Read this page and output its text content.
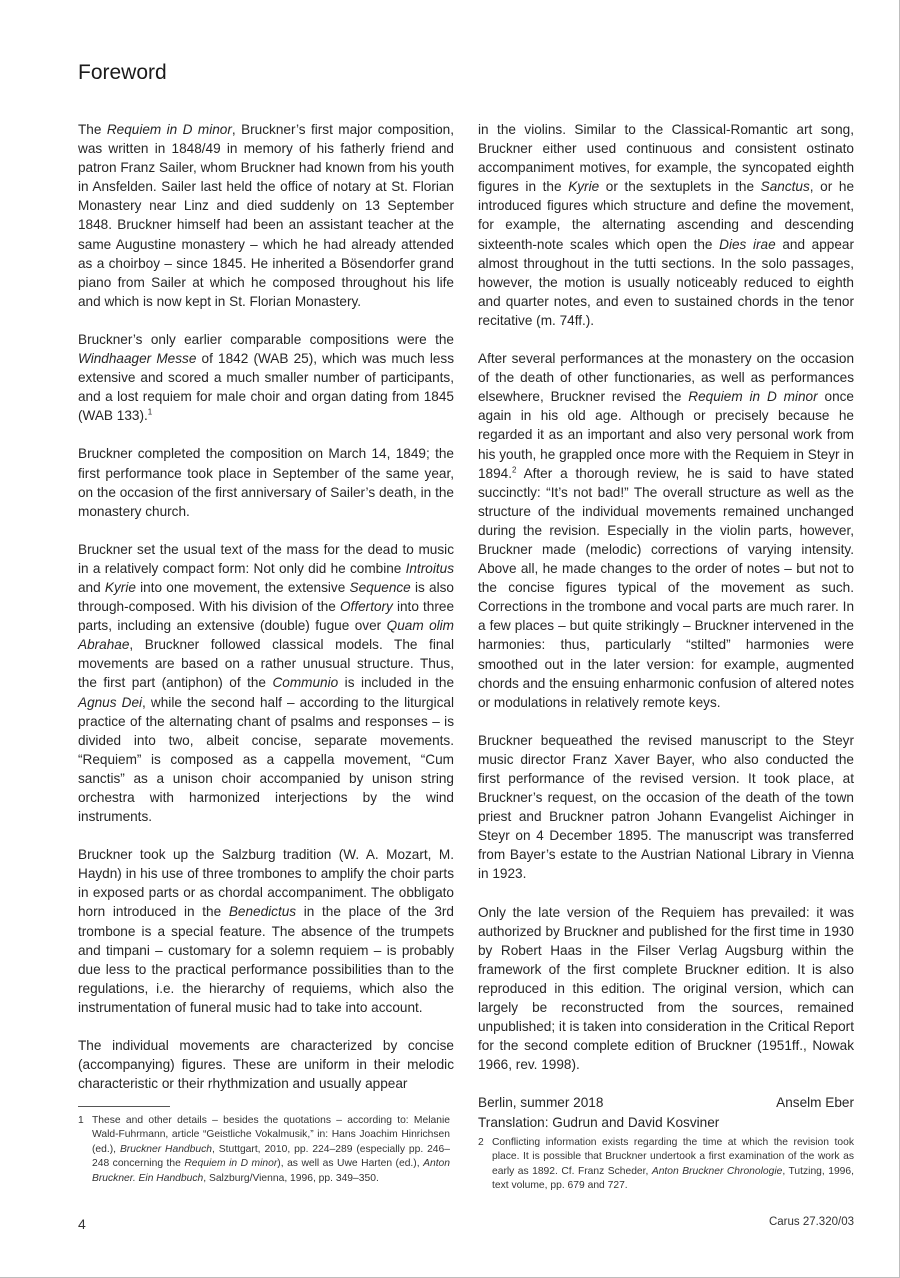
Foreword

The Requiem in D minor, Bruckner’s first major composition, was written in 1848/49 in memory of his fatherly friend and patron Franz Sailer, whom Bruckner had known from his youth in Ansfelden. Sailer last held the office of notary at St. Florian Monastery near Linz and died suddenly on 13 September 1848. Bruckner himself had been an assistant teacher at the same Augustine monastery – which he had already attended as a choirboy – since 1845. He inherited a Bösendorfer grand piano from Sailer at which he composed throughout his life and which is now kept in St. Florian Monastery.

Bruckner’s only earlier comparable compositions were the Windhaager Messe of 1842 (WAB 25), which was much less extensive and scored a much smaller number of participants, and a lost requiem for male choir and organ dating from 1845 (WAB 133).$^1$

Bruckner completed the composition on March 14, 1849; the first performance took place in September of the same year, on the occasion of the first anniversary of Sailer’s death, in the monastery church.

Bruckner set the usual text of the mass for the dead to music in a relatively compact form: Not only did he combine Introitus and Kyrie into one movement, the extensive Sequence is also through-composed. With his division of the Offertory into three parts, including an extensive (double) fugue over Quam olim Abrahae, Bruckner followed classical models. The final movements are based on a rather unusual structure. Thus, the first part (antiphon) of the Communio is included in the Agnus Dei, while the second half – according to the liturgical practice of the alternating chant of psalms and responses – is divided into two, albeit concise, separate movements. “Requiem” is composed as a cappella movement, “Cum sanctis” as a unison choir accompanied by unison string orchestra with harmonized interjections by the wind instruments.

Bruckner took up the Salzburg tradition (W. A. Mozart, M. Haydn) in his use of three trombones to amplify the choir parts in exposed parts or as chordal accompaniment. The obbligato horn introduced in the Benedictus in the place of the 3rd trombone is a special feature. The absence of the trumpets and timpani – customary for a solemn requiem – is probably due less to the practical performance possibilities than to the regulations, i.e. the hierarchy of requiems, which also the instrumentation of funeral music had to take into account.

The individual movements are characterized by concise (accompanying) figures. These are uniform in their melodic characteristic or their rhythmization and usually appear

in the violins. Similar to the Classical-Romantic art song, Bruckner either used continuous and consistent ostinato accompaniment motives, for example, the syncopated eighth figures in the Kyrie or the sextuplets in the Sanctus, or he introduced figures which structure and define the movement, for example, the alternating ascending and descending sixteenth-note scales which open the Dies irae and appear almost throughout in the tutti sections. In the solo passages, however, the motion is usually noticeably reduced to eighth and quarter notes, and even to sustained chords in the tenor recitative (m. 74ff.).

After several performances at the monastery on the occasion of the death of other functionaries, as well as performances elsewhere, Bruckner revised the Requiem in D minor once again in his old age. Although or precisely because he regarded it as an important and also very personal work from his youth, he grappled once more with the Requiem in Steyr in 1894.$^2$ After a thorough review, he is said to have stated succinctly: “It’s not bad!” The overall structure as well as the structure of the individual movements remained unchanged during the revision. Especially in the violin parts, however, Bruckner made (melodic) corrections of varying intensity. Above all, he made changes to the order of notes – but not to the concise figures typical of the movement as such. Corrections in the trombone and vocal parts are much rarer. In a few places – but quite strikingly – Bruckner intervened in the harmonies: thus, particularly “stilted” harmonies were smoothed out in the later version: for example, augmented chords and the ensuing enharmonic confusion of altered notes or modulations in relatively remote keys.

Bruckner bequeathed the revised manuscript to the Steyr music director Franz Xaver Bayer, who also conducted the first performance of the revised version. It took place, at Bruckner’s request, on the occasion of the death of the town priest and Bruckner patron Johann Evangelist Aichinger in Steyr on 4 December 1895. The manuscript was transferred from Bayer’s estate to the Austrian National Library in Vienna in 1923.

Only the late version of the Requiem has prevailed: it was authorized by Bruckner and published for the first time in 1930 by Robert Haas in the Filser Verlag Augsburg within the framework of the first complete Bruckner edition. It is also reproduced in this edition. The original version, which can largely be reconstructed from the sources, remained unpublished; it is taken into consideration in the Critical Report for the second complete edition of Bruckner (1951ff., Nowak 1966, rev. 1998).

Berlin, summer 2018	Anselm Eber

Translation: Gudrun and David Kosviner

1 These and other details – besides the quotations – according to: Melanie Wald-Fuhrmann, article “Geistliche Vokalmusik,” in: Hans Joachim Hinrichsen (ed.), Bruckner Handbuch, Stuttgart, 2010, pp. 224–289 (especially pp. 246–248 concerning the Requiem in D minor), as well as Uwe Harten (ed.), Anton Bruckner. Ein Handbuch, Salzburg/Vienna, 1996, pp. 349–350.
2 Conflicting information exists regarding the time at which the revision took place. It is possible that Bruckner undertook a first examination of the work as early as 1892. Cf. Franz Scheder, Anton Bruckner Chronologie, Tutzing, 1996, text volume, pp. 679 and 727.
4	Carus 27.320/03
